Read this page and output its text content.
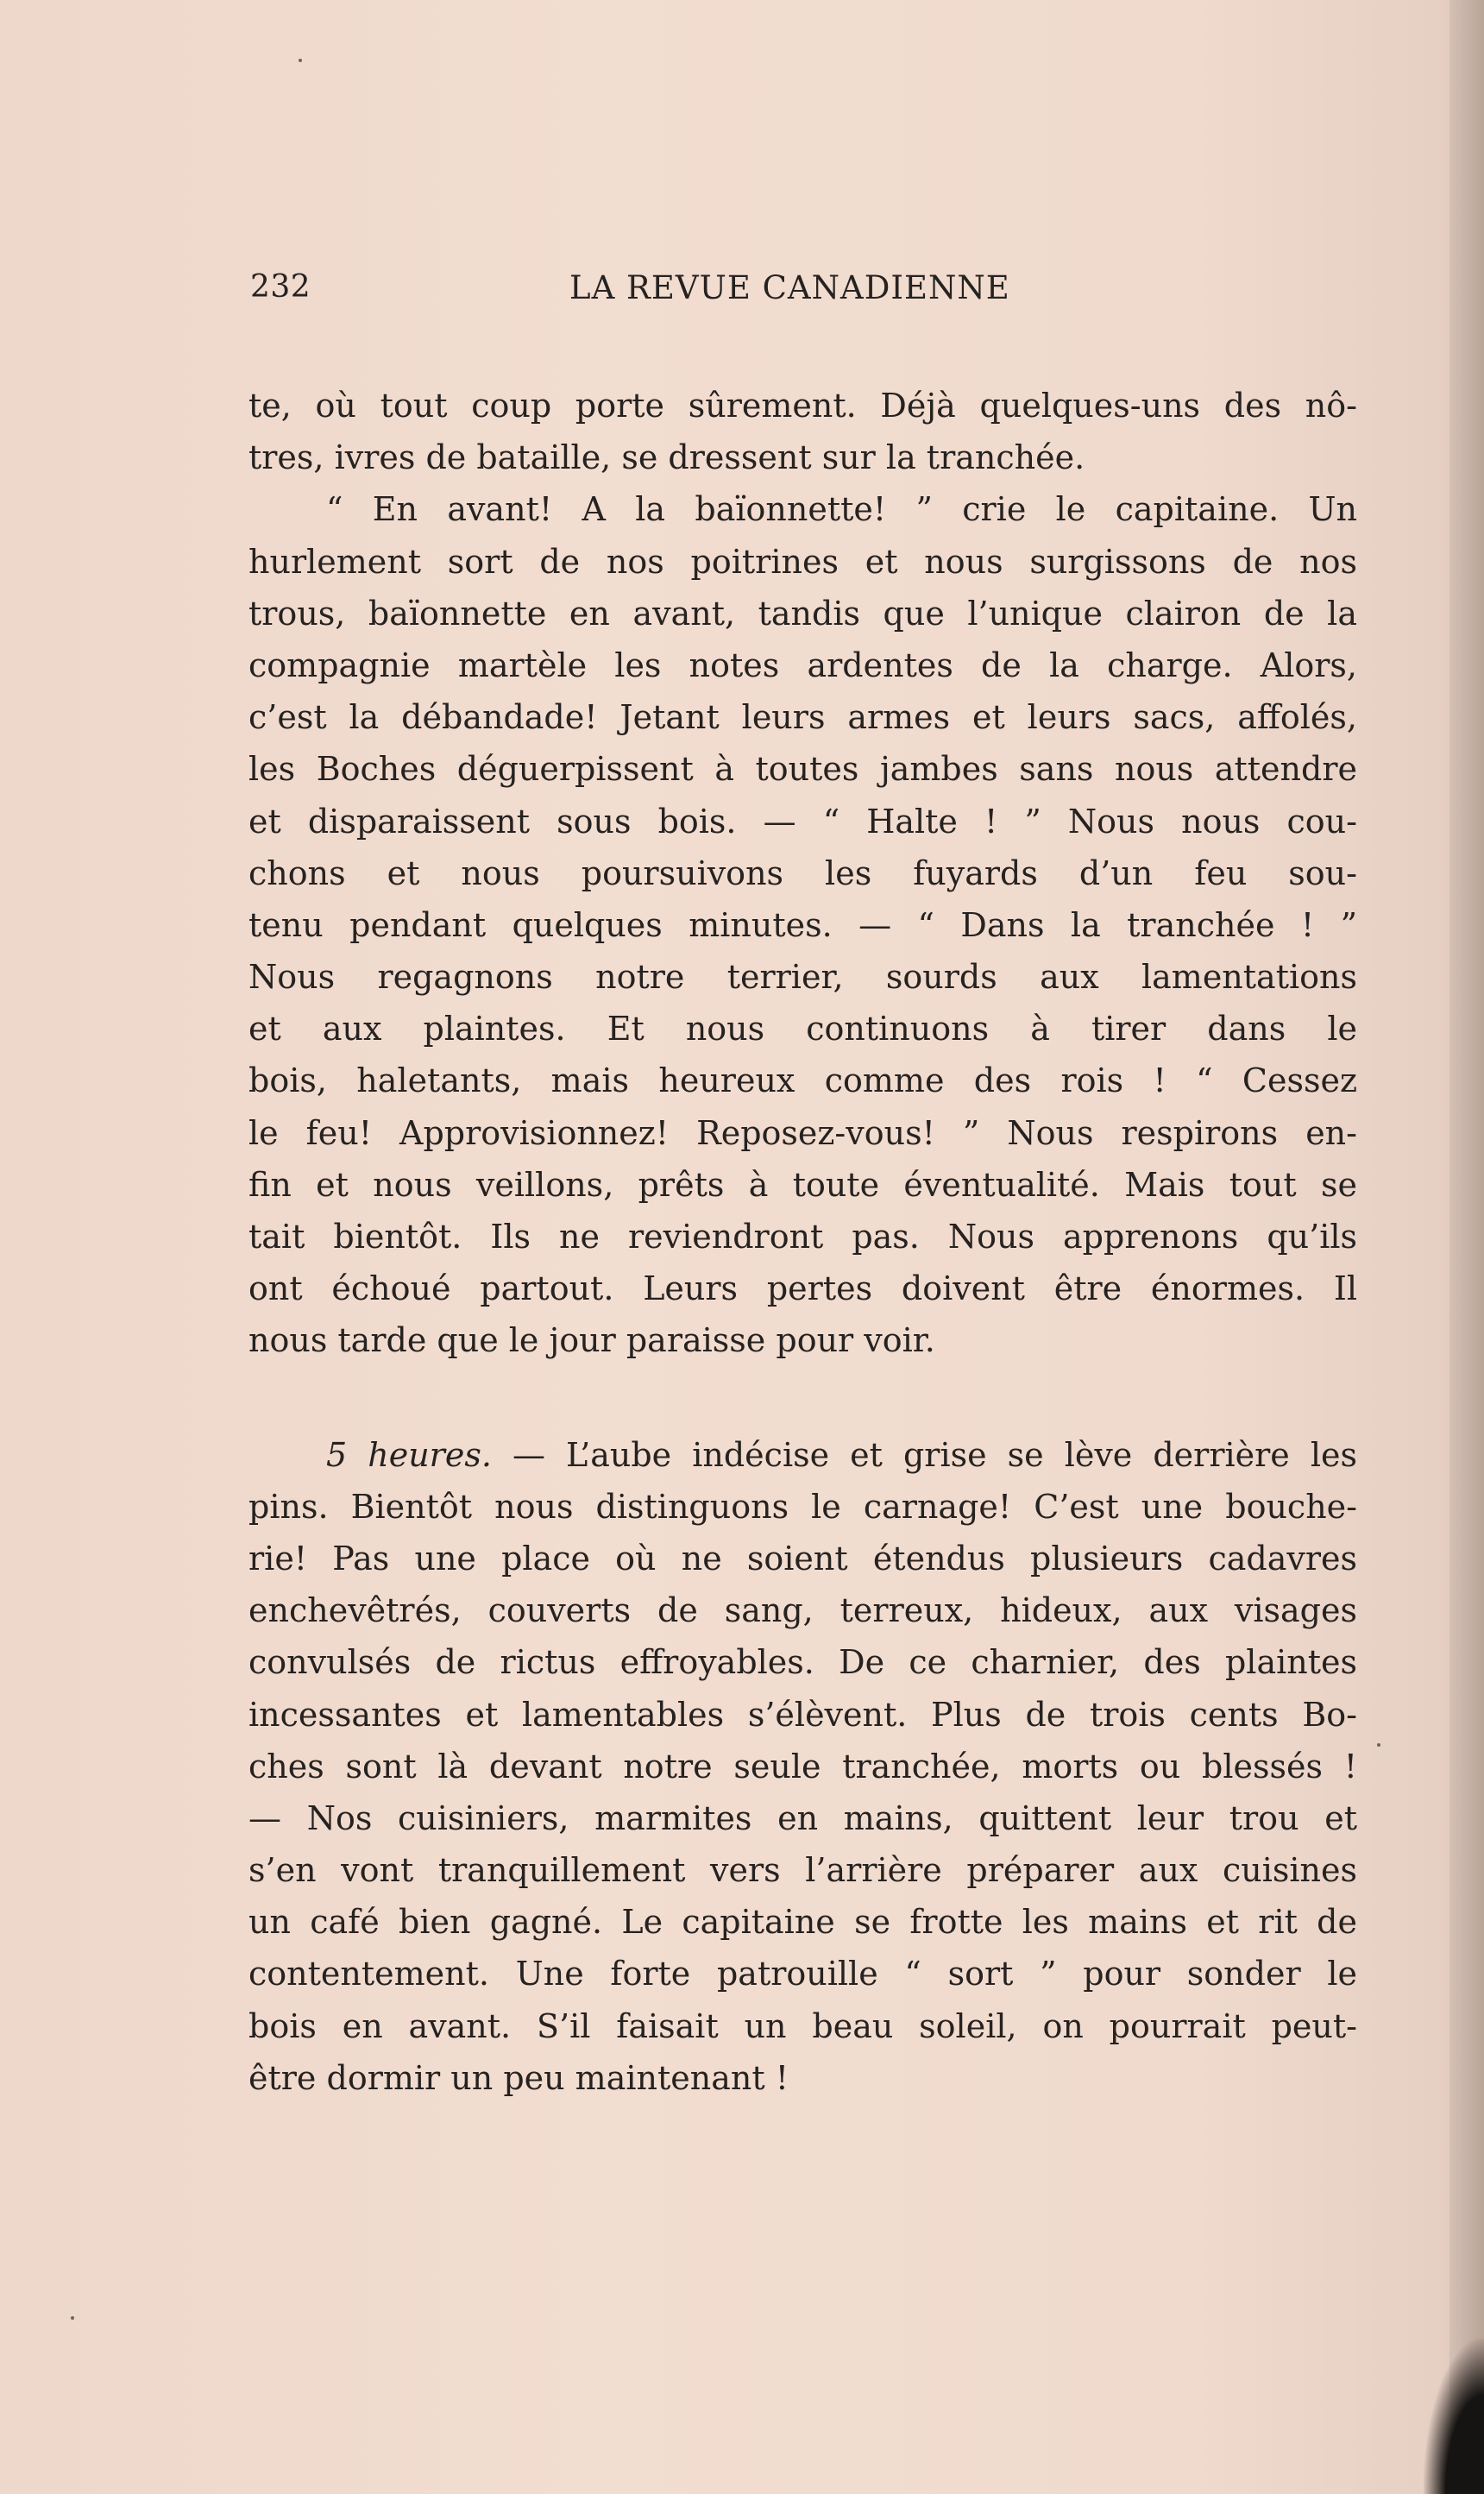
232	LA REVUE CANADIENNE
te, où tout coup porte sûrement. Déjà quelques-uns des nô-
tres, ivres de bataille, se dressent sur la tranchée.
“ En avant! A la baïonnette! ” crie le capitaine. Un
hurlement sort de nos poitrines et nous surgissons de nos
trous, baïonnette en avant, tandis que l’unique clairon de la
compagnie martèle les notes ardentes de la charge. Alors,
c’est la débandade! Jetant leurs armes et leurs sacs, affolés,
les Boches déguerpissent à toutes jambes sans nous attendre
et disparaissent sous bois. — “ Halte ! ” Nous nous cou-
chons et nous poursuivons les fuyards d’un feu sou-
tenu pendant quelques minutes. — “ Dans la tranchée ! ”
Nous regagnons notre terrier, sourds aux lamentations
et aux plaintes. Et nous continuons à tirer dans le
bois, haletants, mais heureux comme des rois ! “ Cessez
le feu! Approvisionnez! Reposez-vous! ” Nous respirons en-
fin et nous veillons, prêts à toute éventualité. Mais tout se
tait bientôt. Ils ne reviendront pas. Nous apprenons qu’ils
ont échoué partout. Leurs pertes doivent être énormes. Il
nous tarde que le jour paraisse pour voir.
5 heures. — L’aube indécise et grise se lève derrière les
pins. Bientôt nous distinguons le carnage! C’est une bouche-
rie! Pas une place où ne soient étendus plusieurs cadavres
enchevêtrés, couverts de sang, terreux, hideux, aux visages
convulsés de rictus effroyables. De ce charnier, des plaintes
incessantes et lamentables s’élèvent. Plus de trois cents Bo-
ches sont là devant notre seule tranchée, morts ou blessés !
— Nos cuisiniers, marmites en mains, quittent leur trou et
s’en vont tranquillement vers l’arrière préparer aux cuisines
un café bien gagné. Le capitaine se frotte les mains et rit de
contentement. Une forte patrouille “ sort ” pour sonder le
bois en avant. S’il faisait un beau soleil, on pourrait peut-
être dormir un peu maintenant !
